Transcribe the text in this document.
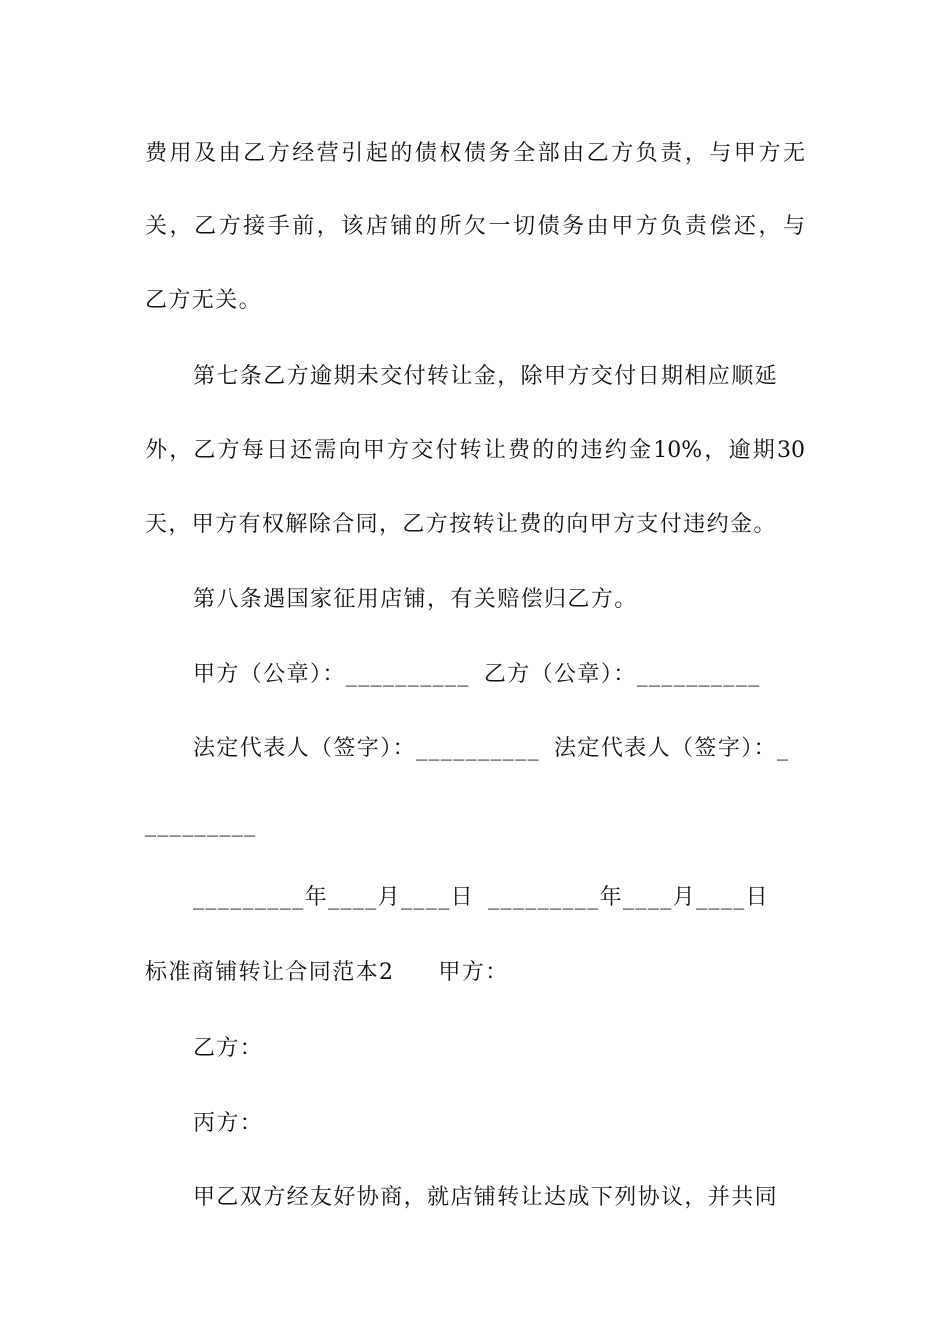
费用及由乙方经营引起的债权债务全部由乙方负责，与甲方无
关，乙方接手前，该店铺的所欠一切债务由甲方负责偿还，与
乙方无关。
第七条乙方逾期未交付转让金，除甲方交付日期相应顺延
外，乙方每日还需向甲方交付转让费的的违约金10%，逾期30
天，甲方有权解除合同，乙方按转让费的向甲方支付违约金。
第八条遇国家征用店铺，有关赔偿归乙方。
甲方（公章）：__________ 乙方（公章）：__________
法定代表人（签字）：__________ 法定代表人（签字）：_
_________
_________年____月____日 _________年____月____日
标准商铺转让合同范本2 甲方：
乙方：
丙方：
甲乙双方经友好协商，就店铺转让达成下列协议，并共同
